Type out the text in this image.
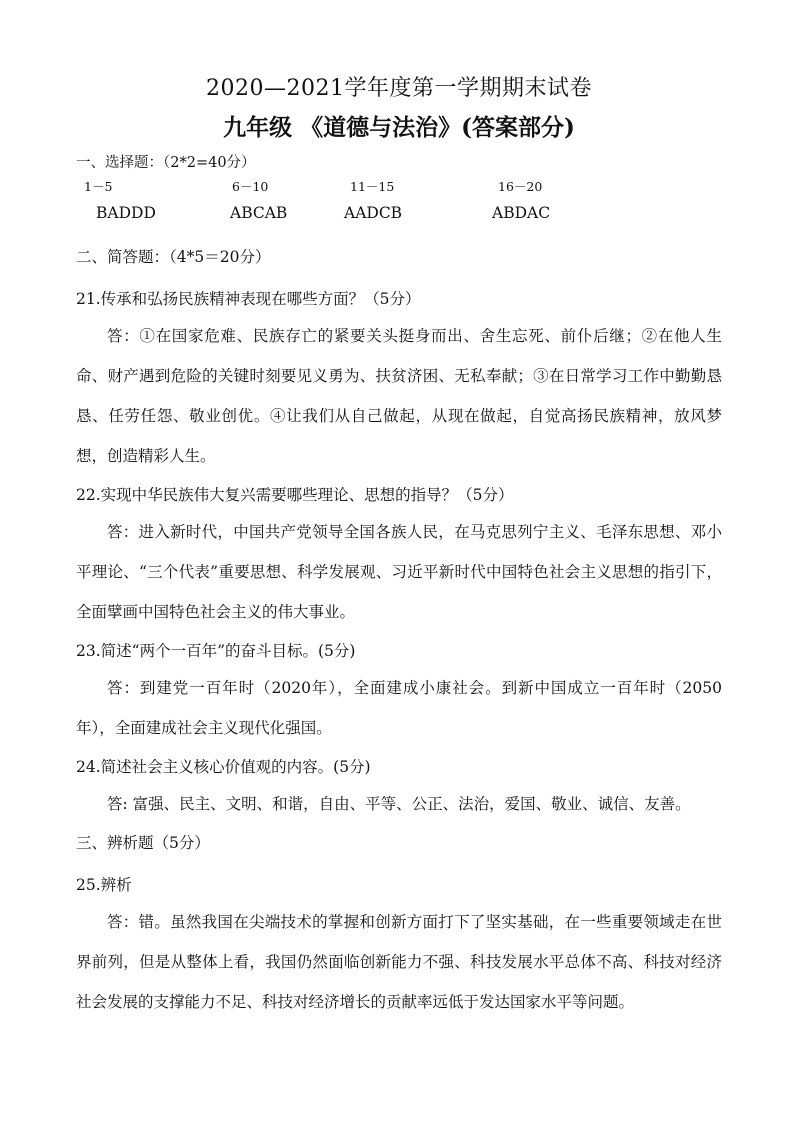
2020—2021学年度第一学期期末试卷
九年级 《道德与法治》(答案部分)

一、选择题：（2*2=40分）

1－5
BADDD
6－10
ABCAB
11－15
AADCB
16－20
ABDAC

二、简答题：（4*5＝20分）

21.传承和弘扬民族精神表现在哪些方面？（5分）

答：①在国家危难、民族存亡的紧要关头挺身而出、舍生忘死、前仆后继；②在他人生命、财产遇到危险的关键时刻要见义勇为、扶贫济困、无私奉献；③在日常学习工作中勤勤恳恳、任劳任怨、敬业创优。④让我们从自己做起，从现在做起，自觉高扬民族精神，放风梦想，创造精彩人生。

22.实现中华民族伟大复兴需要哪些理论、思想的指导？（5分）

答：进入新时代，中国共产党领导全国各族人民，在马克思列宁主义、毛泽东思想、邓小平理论、“三个代表”重要思想、科学发展观、习近平新时代中国特色社会主义思想的指引下，全面擘画中国特色社会主义的伟大事业。

23.简述“两个一百年”的奋斗目标。(5分)

答：到建党一百年时（2020年），全面建成小康社会。到新中国成立一百年时（2050年），全面建成社会主义现代化强国。

24.简述社会主义核心价值观的内容。(5分)

答: 富强、民主、文明、和谐，自由、平等、公正、法治，爱国、敬业、诚信、友善。

三、辨析题（5分）

25.辨析

答：错。虽然我国在尖端技术的掌握和创新方面打下了坚实基础，在一些重要领域走在世界前列，但是从整体上看，我国仍然面临创新能力不强、科技发展水平总体不高、科技对经济社会发展的支撑能力不足、科技对经济增长的贡献率远低于发达国家水平等问题。
